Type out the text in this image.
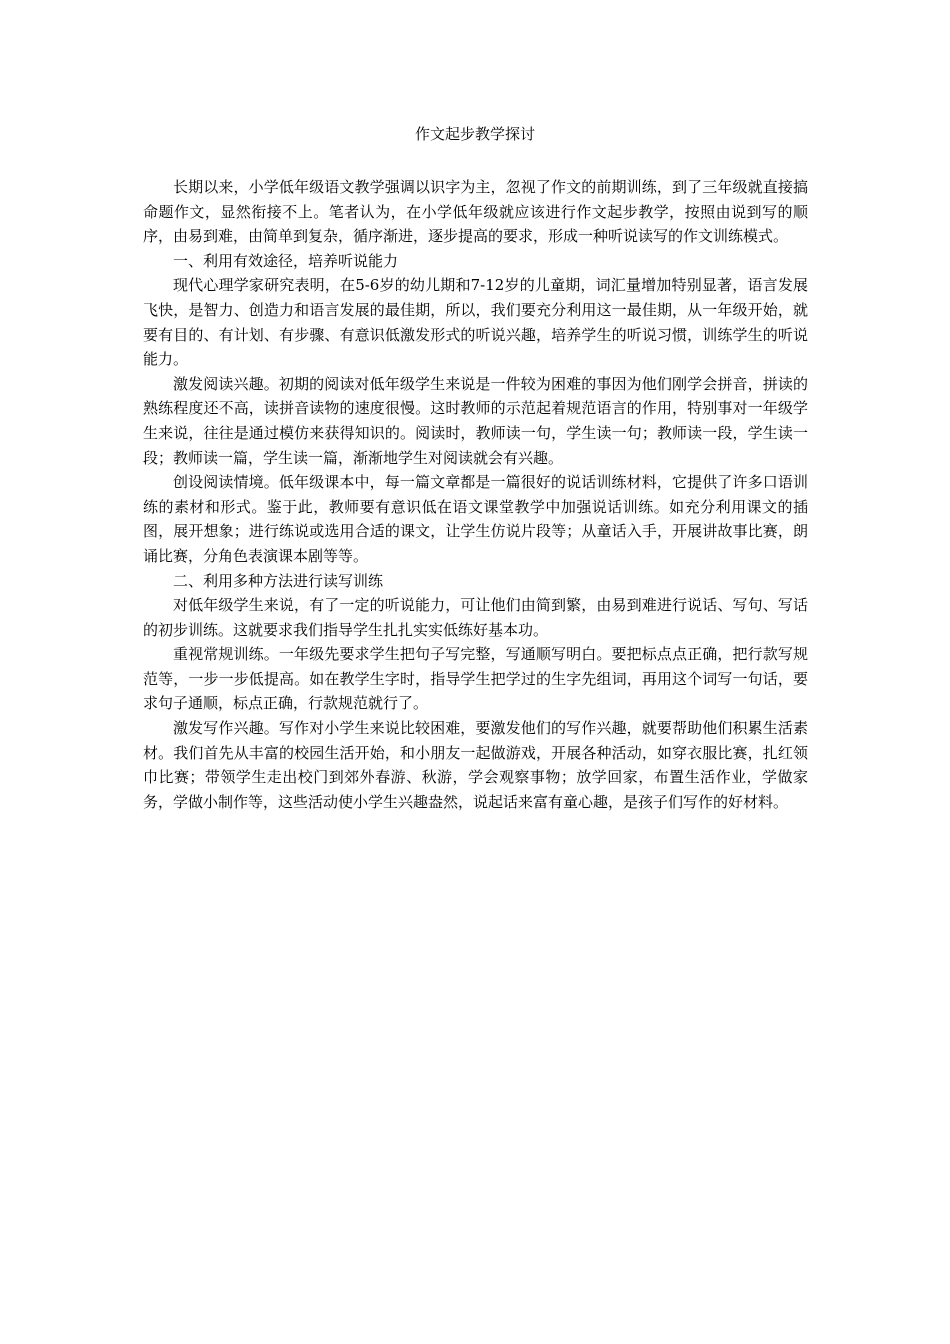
作文起步教学探讨

长期以来，小学低年级语文教学强调以识字为主，忽视了作文的前期训练，到了三年级就直接搞命题作文，显然衔接不上。笔者认为，在小学低年级就应该进行作文起步教学，按照由说到写的顺序，由易到难，由简单到复杂，循序渐进，逐步提高的要求，形成一种听说读写的作文训练模式。

一、利用有效途径，培养听说能力

现代心理学家研究表明，在5-6岁的幼儿期和7-12岁的儿童期，词汇量增加特别显著，语言发展飞快，是智力、创造力和语言发展的最佳期，所以，我们要充分利用这一最佳期，从一年级开始，就要有目的、有计划、有步骤、有意识低激发形式的听说兴趣，培养学生的听说习惯，训练学生的听说能力。

激发阅读兴趣。初期的阅读对低年级学生来说是一件较为困难的事因为他们刚学会拼音，拼读的熟练程度还不高，读拼音读物的速度很慢。这时教师的示范起着规范语言的作用，特别事对一年级学生来说，往往是通过模仿来获得知识的。阅读时，教师读一句，学生读一句；教师读一段，学生读一段；教师读一篇，学生读一篇，渐渐地学生对阅读就会有兴趣。

创设阅读情境。低年级课本中，每一篇文章都是一篇很好的说话训练材料，它提供了许多口语训练的素材和形式。鉴于此，教师要有意识低在语文课堂教学中加强说话训练。如充分利用课文的插图，展开想象；进行练说或选用合适的课文，让学生仿说片段等；从童话入手，开展讲故事比赛，朗诵比赛，分角色表演课本剧等等。

二、利用多种方法进行读写训练

对低年级学生来说，有了一定的听说能力，可让他们由简到繁，由易到难进行说话、写句、写话的初步训练。这就要求我们指导学生扎扎实实低练好基本功。

重视常规训练。一年级先要求学生把句子写完整，写通顺写明白。要把标点点正确，把行款写规范等，一步一步低提高。如在教学生字时，指导学生把学过的生字先组词，再用这个词写一句话，要求句子通顺，标点正确，行款规范就行了。

激发写作兴趣。写作对小学生来说比较困难，要激发他们的写作兴趣，就要帮助他们积累生活素材。我们首先从丰富的校园生活开始，和小朋友一起做游戏，开展各种活动，如穿衣服比赛，扎红领巾比赛；带领学生走出校门到郊外春游、秋游，学会观察事物；放学回家，布置生活作业，学做家务，学做小制作等，这些活动使小学生兴趣盎然，说起话来富有童心趣，是孩子们写作的好材料。
